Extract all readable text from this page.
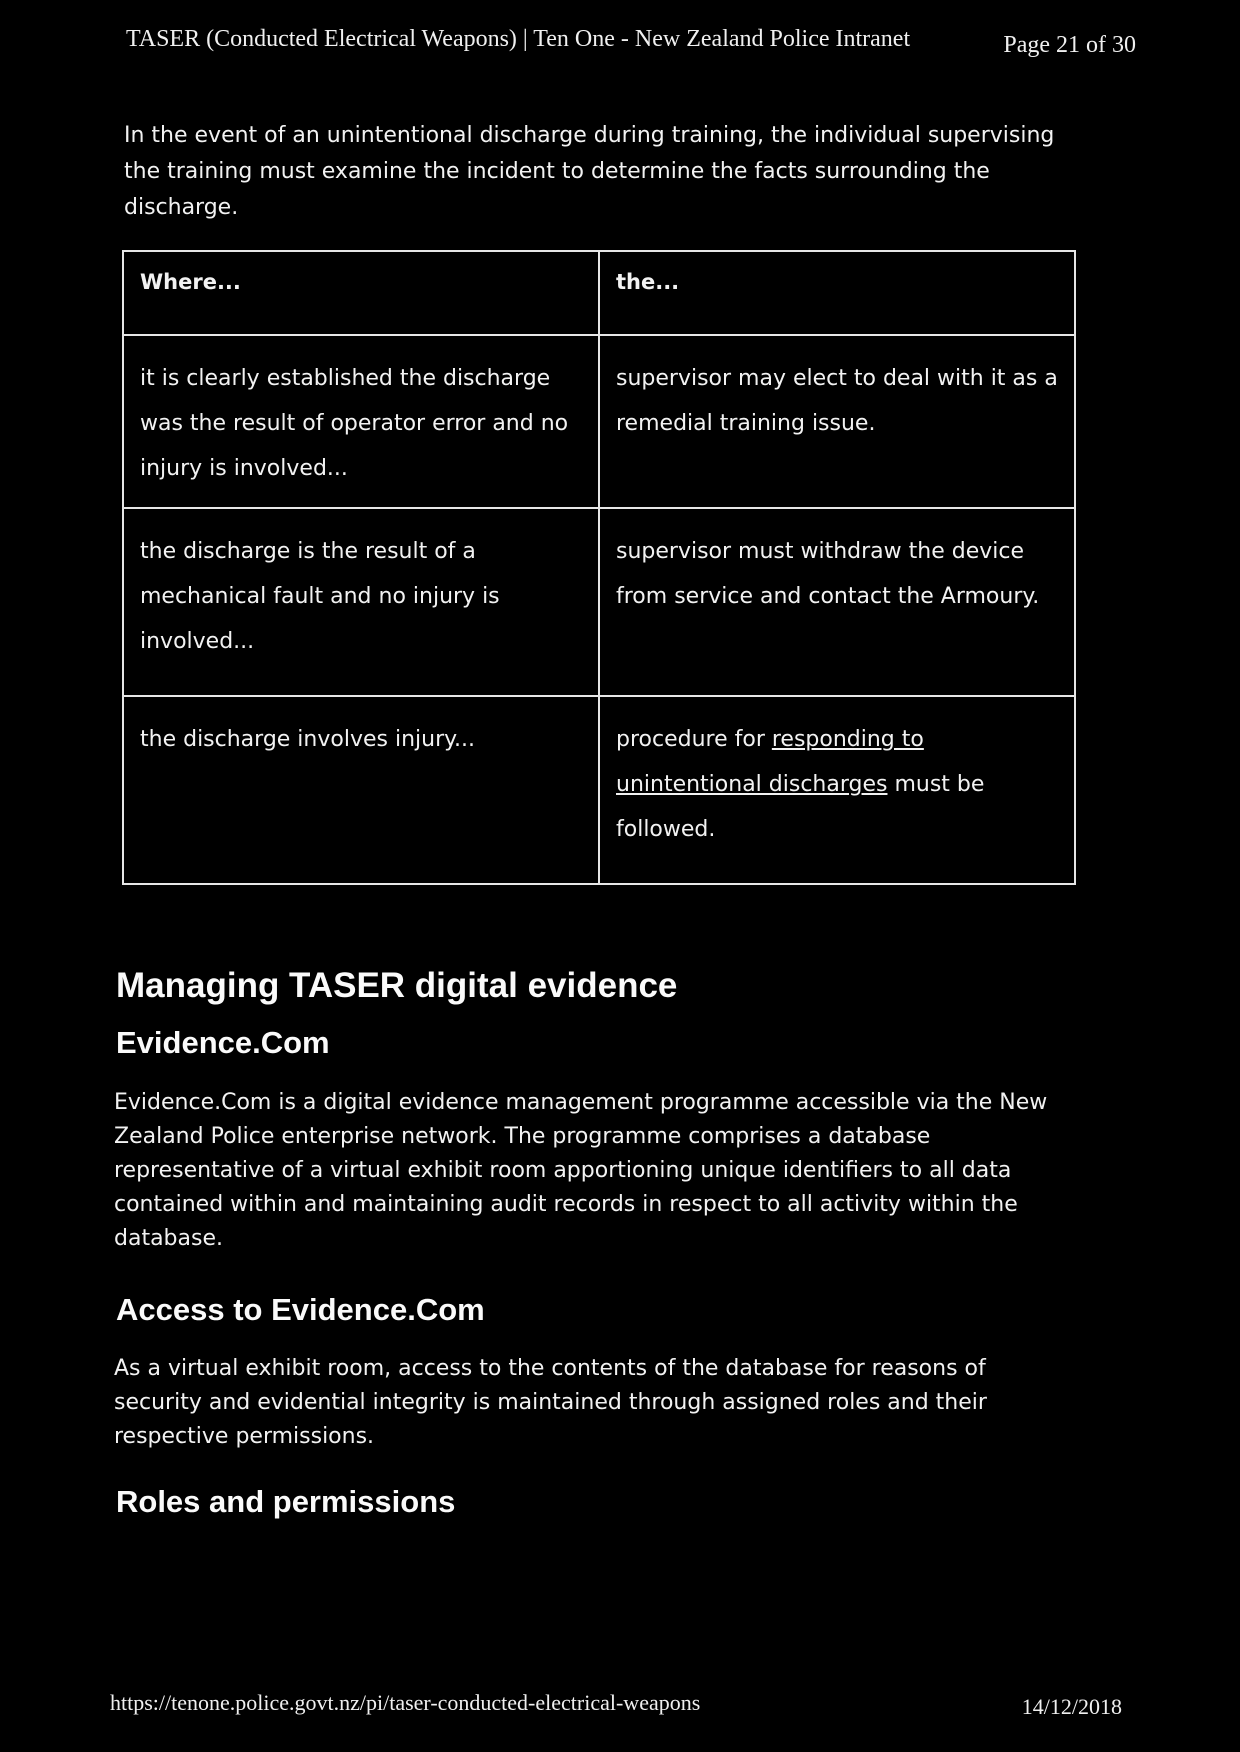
TASER (Conducted Electrical Weapons) | Ten One - New Zealand Police Intranet	Page 21 of 30
In the event of an unintentional discharge during training, the individual supervising the training must examine the incident to determine the facts surrounding the discharge.
Where...	the...
it is clearly established the discharge was the result of operator error and no injury is involved...	supervisor may elect to deal with it as a remedial training issue.
the discharge is the result of a mechanical fault and no injury is involved...	supervisor must withdraw the device from service and contact the Armoury.
the discharge involves injury...	procedure for responding to unintentional discharges must be followed.
Managing TASER digital evidence
Evidence.Com

Evidence.Com is a digital evidence management programme accessible via the New Zealand Police enterprise network. The programme comprises a database representative of a virtual exhibit room apportioning unique identifiers to all data contained within and maintaining audit records in respect to all activity within the database.

Access to Evidence.Com

As a virtual exhibit room, access to the contents of the database for reasons of security and evidential integrity is maintained through assigned roles and their respective permissions.

Roles and permissions
https://tenone.police.govt.nz/pi/taser-conducted-electrical-weapons	14/12/2018
